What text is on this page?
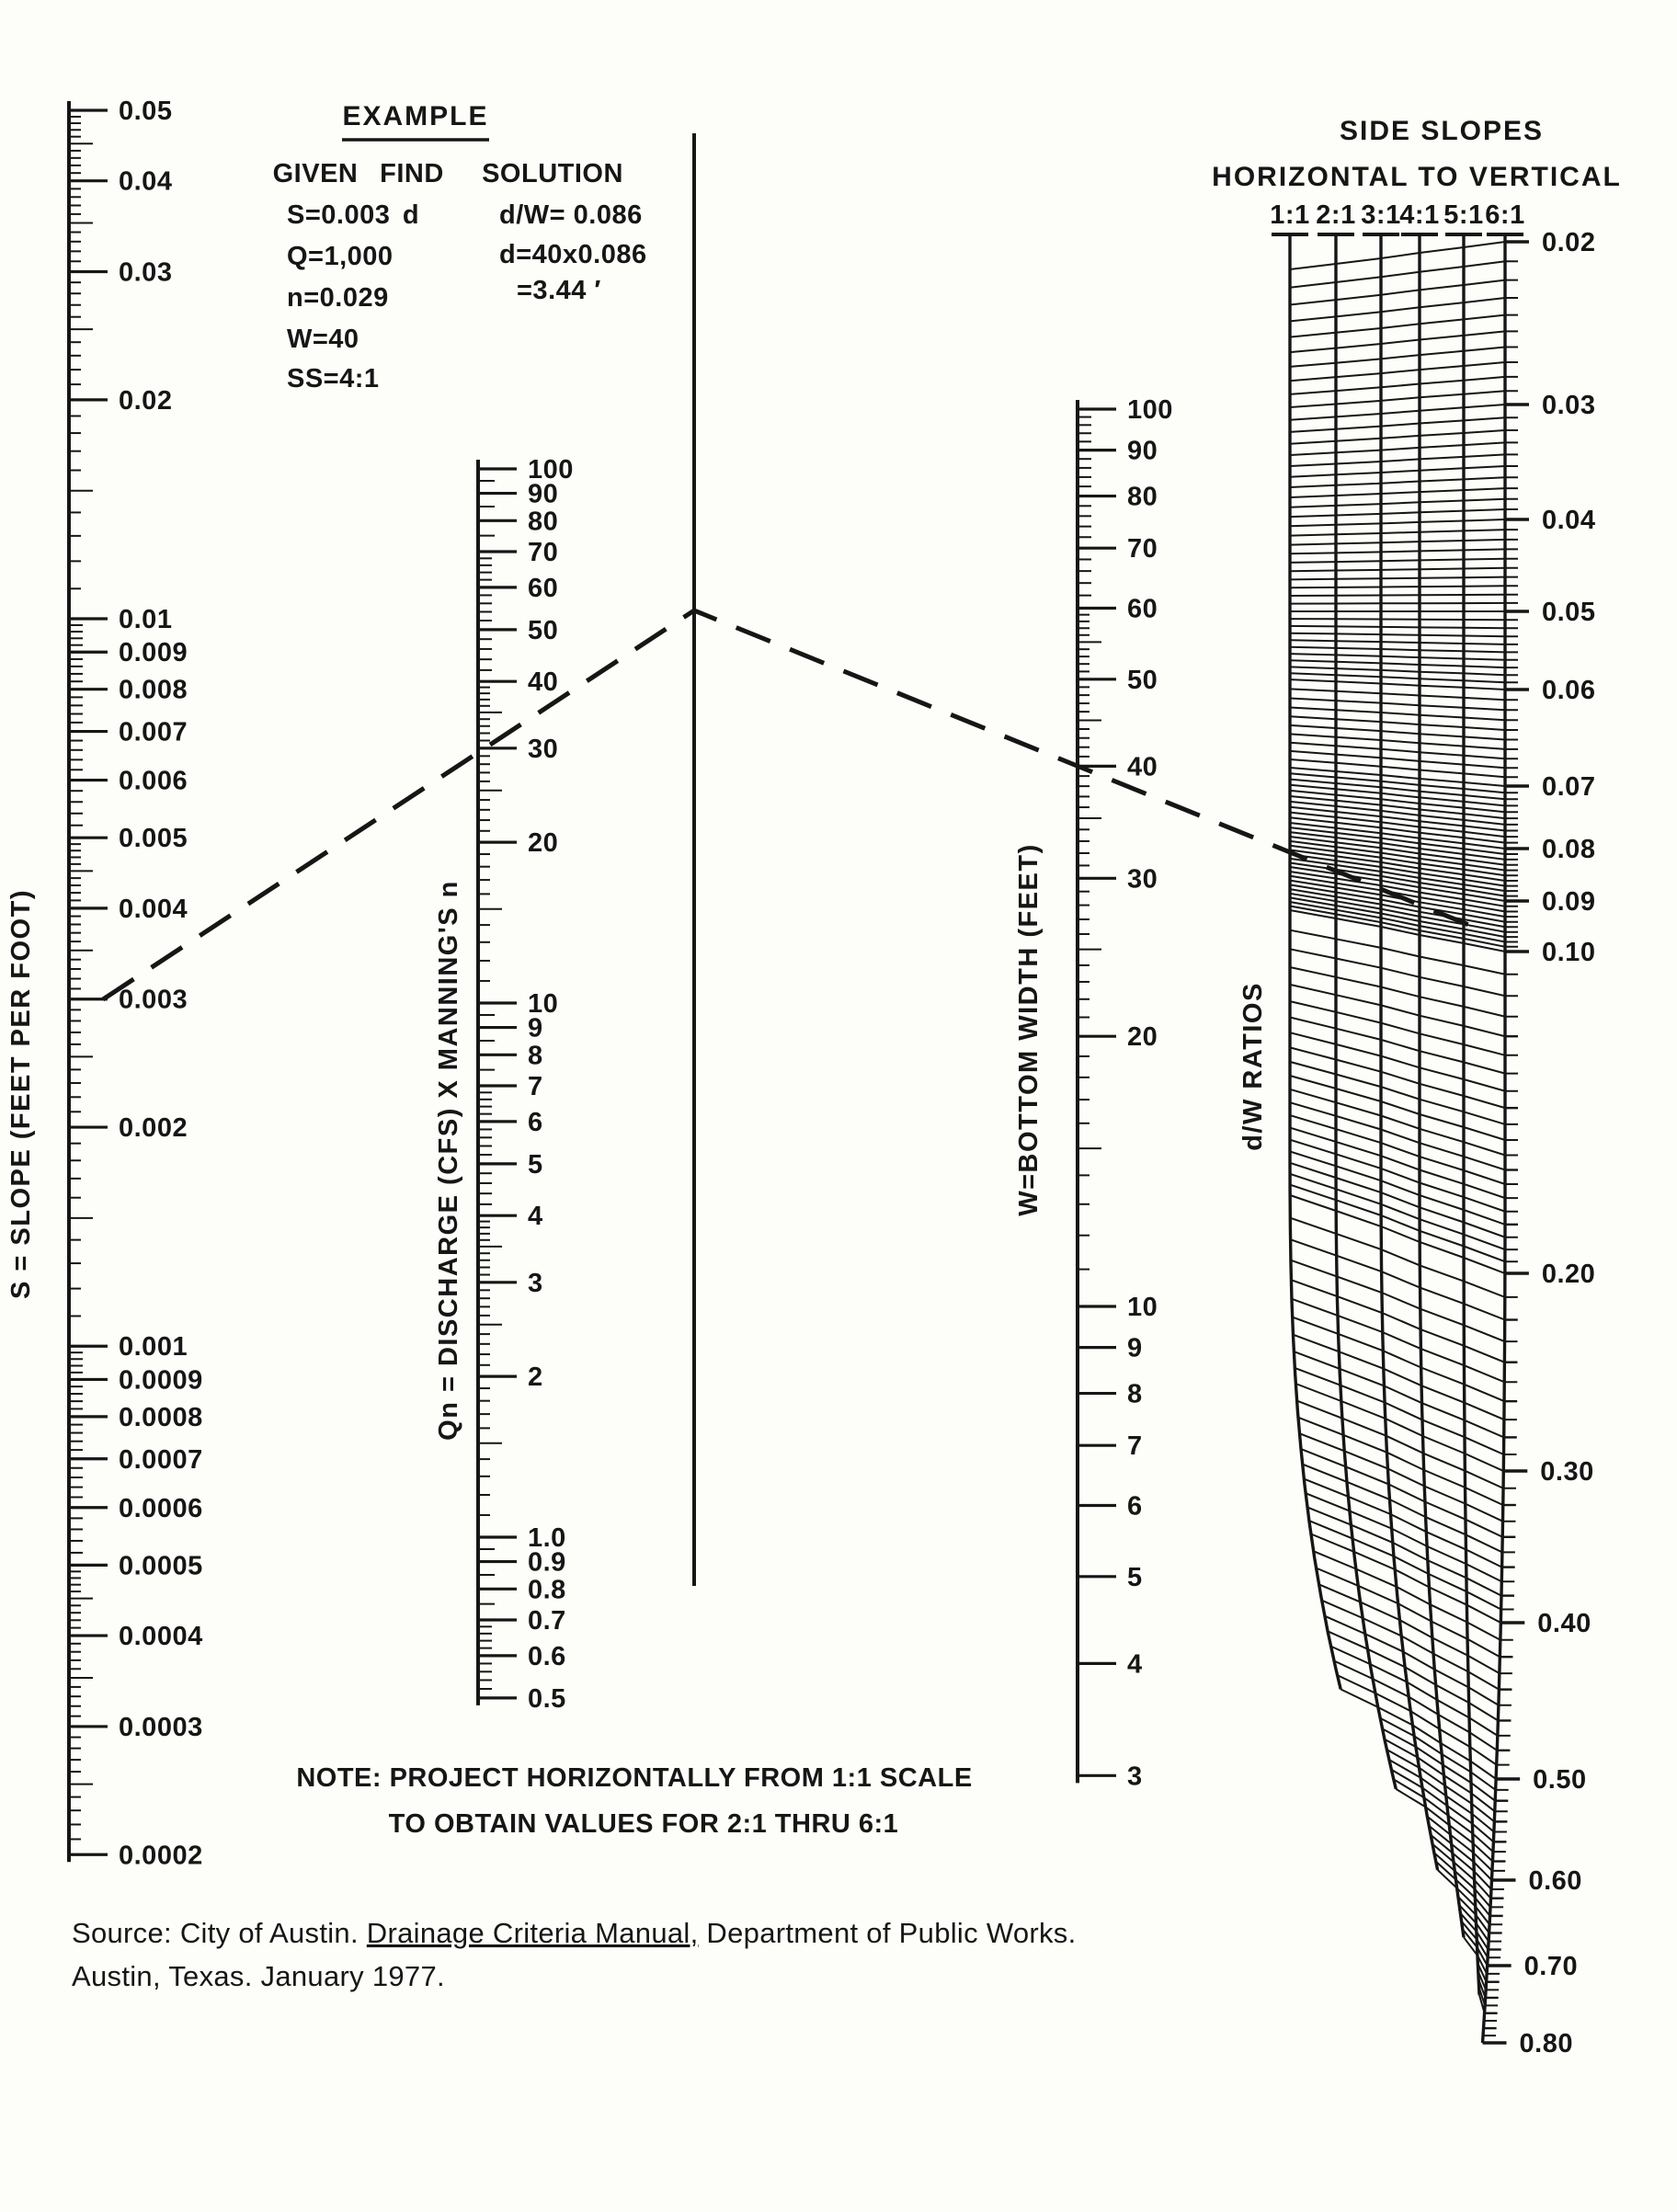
1:1 2:1 3:1
4:1 5:1 6:1
0.02
0.03
0.04
0.05
0.06
0.07
0.08
0.09
0.10
0.20
0.30
0.40
0.50
0.60
0.70
0.80
0.05
0.04
0.03
0.02
0.01
0.009
0.008
0.007
0.006
0.005
0.004
0.003
0.002
0.001
0.0009
0.0008
0.0007
0.0006
0.0005
0.0004
0.0003
0.0002
100
90
80
70
60
50
40
30
20
10
9
8
7
6
5
4
3
2
1.0
0.9
0.8
0.7
0.6
0.5
100
90
80
70
60
50
40
30
20
10
9
8
7
6
5
4
3
EXAMPLE
GIVEN FIND SOLUTION
S=0.003
Q=1,000
n=0.029
W=40
SS=4:1
d	d/W= 0.086
d=40x0.086
=3.44 ′
SIDE SLOPES
HORIZONTAL TO VERTICAL
S = SLOPE (FEET PER FOOT)	Qn = DISCHARGE (CFS) X MANNING'S n	W=BOTTOM WIDTH (FEET)	d/W RATIOS
NOTE: PROJECT HORIZONTALLY FROM 1:1 SCALE
TO OBTAIN VALUES FOR 2:1 THRU 6:1
Source: City of Austin. Drainage Criteria Manual, Department of Public Works.
Austin, Texas. January 1977.
